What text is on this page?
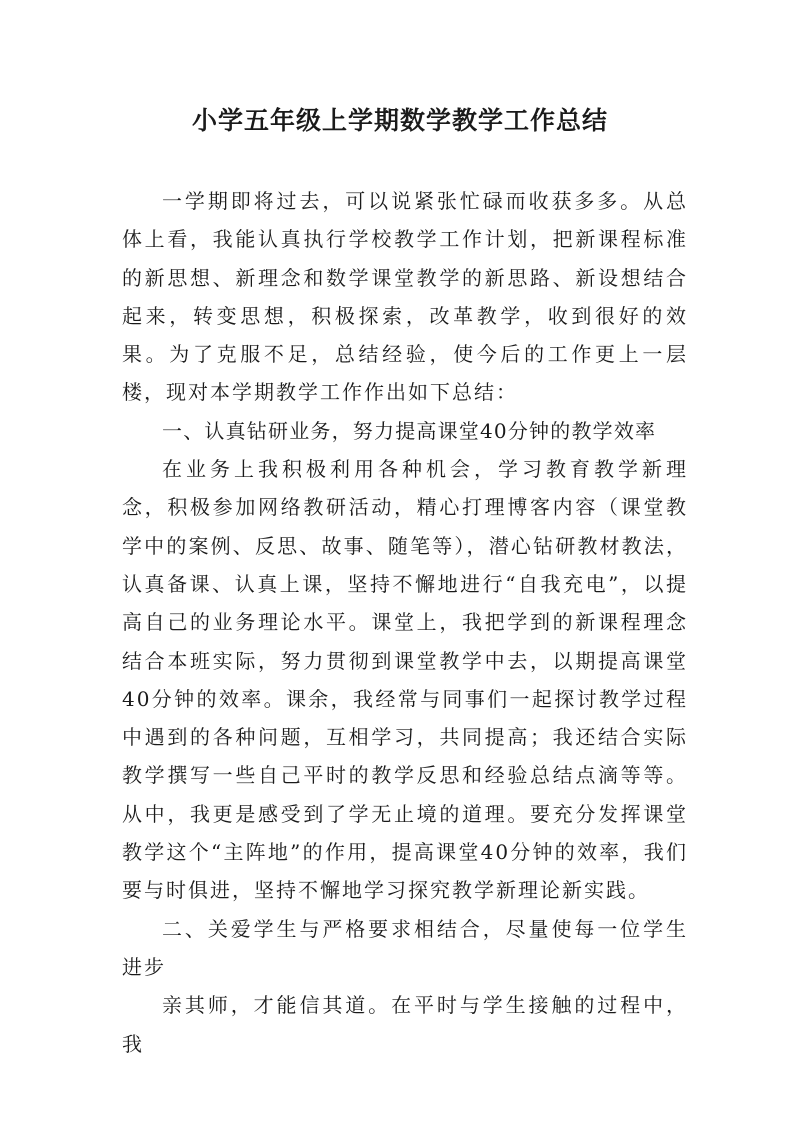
小学五年级上学期数学教学工作总结

一学期即将过去，可以说紧张忙碌而收获多多。从总体上看，我能认真执行学校教学工作计划，把新课程标准的新思想、新理念和数学课堂教学的新思路、新设想结合起来，转变思想，积极探索，改革教学，收到很好的效果。为了克服不足，总结经验，使今后的工作更上一层楼，现对本学期教学工作作出如下总结：

一、认真钻研业务，努力提高课堂40分钟的教学效率

在业务上我积极利用各种机会，学习教育教学新理念，积极参加网络教研活动，精心打理博客内容（课堂教学中的案例、反思、故事、随笔等），潜心钻研教材教法，认真备课、认真上课，坚持不懈地进行“自我充电”，以提高自己的业务理论水平。课堂上，我把学到的新课程理念结合本班实际，努力贯彻到课堂教学中去，以期提高课堂40分钟的效率。课余，我经常与同事们一起探讨教学过程中遇到的各种问题，互相学习，共同提高；我还结合实际教学撰写一些自己平时的教学反思和经验总结点滴等等。从中，我更是感受到了学无止境的道理。要充分发挥课堂教学这个“主阵地”的作用，提高课堂40分钟的效率，我们要与时俱进，坚持不懈地学习探究教学新理论新实践。

二、关爱学生与严格要求相结合，尽量使每一位学生进步

亲其师，才能信其道。在平时与学生接触的过程中，我
